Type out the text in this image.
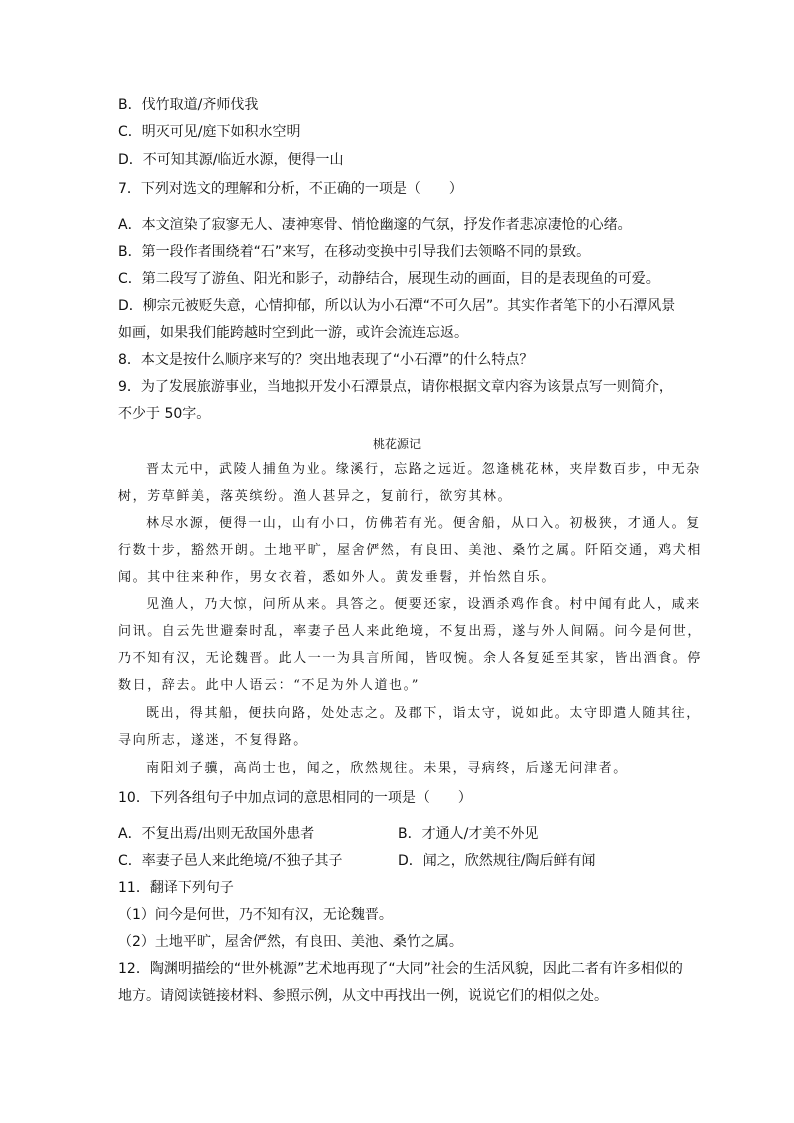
B．伐竹取道/齐师伐我
C．明灭可见/庭下如积水空明
D．不可知其源/临近水源，便得一山
7．下列对选文的理解和分析，不正确的一项是（　　）
A．本文渲染了寂寥无人、凄神寒骨、悄怆幽邃的气氛，抒发作者悲凉凄怆的心绪。
B．第一段作者围绕着“石”来写，在移动变换中引导我们去领略不同的景致。
C．第二段写了游鱼、阳光和影子，动静结合，展现生动的画面，目的是表现鱼的可爱。
D．柳宗元被贬失意，心情抑郁，所以认为小石潭“不可久居”。其实作者笔下的小石潭风景
如画，如果我们能跨越时空到此一游，或许会流连忘返。
8．本文是按什么顺序来写的？突出地表现了“小石潭”的什么特点？
9．为了发展旅游事业，当地拟开发小石潭景点，请你根据文章内容为该景点写一则简介，
不少于 50字。
桃花源记
晋太元中，武陵人捕鱼为业。缘溪行，忘路之远近。忽逢桃花林，夹岸数百步，中无杂
树，芳草鲜美，落英缤纷。渔人甚异之，复前行，欲穷其林。
林尽水源，便得一山，山有小口，仿佛若有光。便舍船，从口入。初极狭，才通人。复
行数十步，豁然开朗。土地平旷，屋舍俨然，有良田、美池、桑竹之属。阡陌交通，鸡犬相
闻。其中往来种作，男女衣着，悉如外人。黄发垂髫，并怡然自乐。
见渔人，乃大惊，问所从来。具答之。便要还家，设酒杀鸡作食。村中闻有此人，咸来
问讯。自云先世避秦时乱，率妻子邑人来此绝境，不复出焉，遂与外人间隔。问今是何世，
乃不知有汉，无论魏晋。此人一一为具言所闻，皆叹惋。余人各复延至其家，皆出酒食。停
数日，辞去。此中人语云：“不足为外人道也。”
既出，得其船，便扶向路，处处志之。及郡下，诣太守，说如此。太守即遣人随其往，
寻向所志，遂迷，不复得路。
南阳刘子骥，高尚士也，闻之，欣然规往。未果，寻病终，后遂无问津者。
10．下列各组句子中加点词的意思相同的一项是（　　）
A．不复出焉/出则无敌国外患者	B．才通人/才美不外见
C．率妻子邑人来此绝境/不独子其子	D．闻之，欣然规往/陶后鲜有闻
11．翻译下列句子
（1）问今是何世，乃不知有汉，无论魏晋。
（2）土地平旷，屋舍俨然，有良田、美池、桑竹之属。
12．陶渊明描绘的“世外桃源”艺术地再现了“大同”社会的生活风貌，因此二者有许多相似的
地方。请阅读链接材料、参照示例，从文中再找出一例，说说它们的相似之处。
